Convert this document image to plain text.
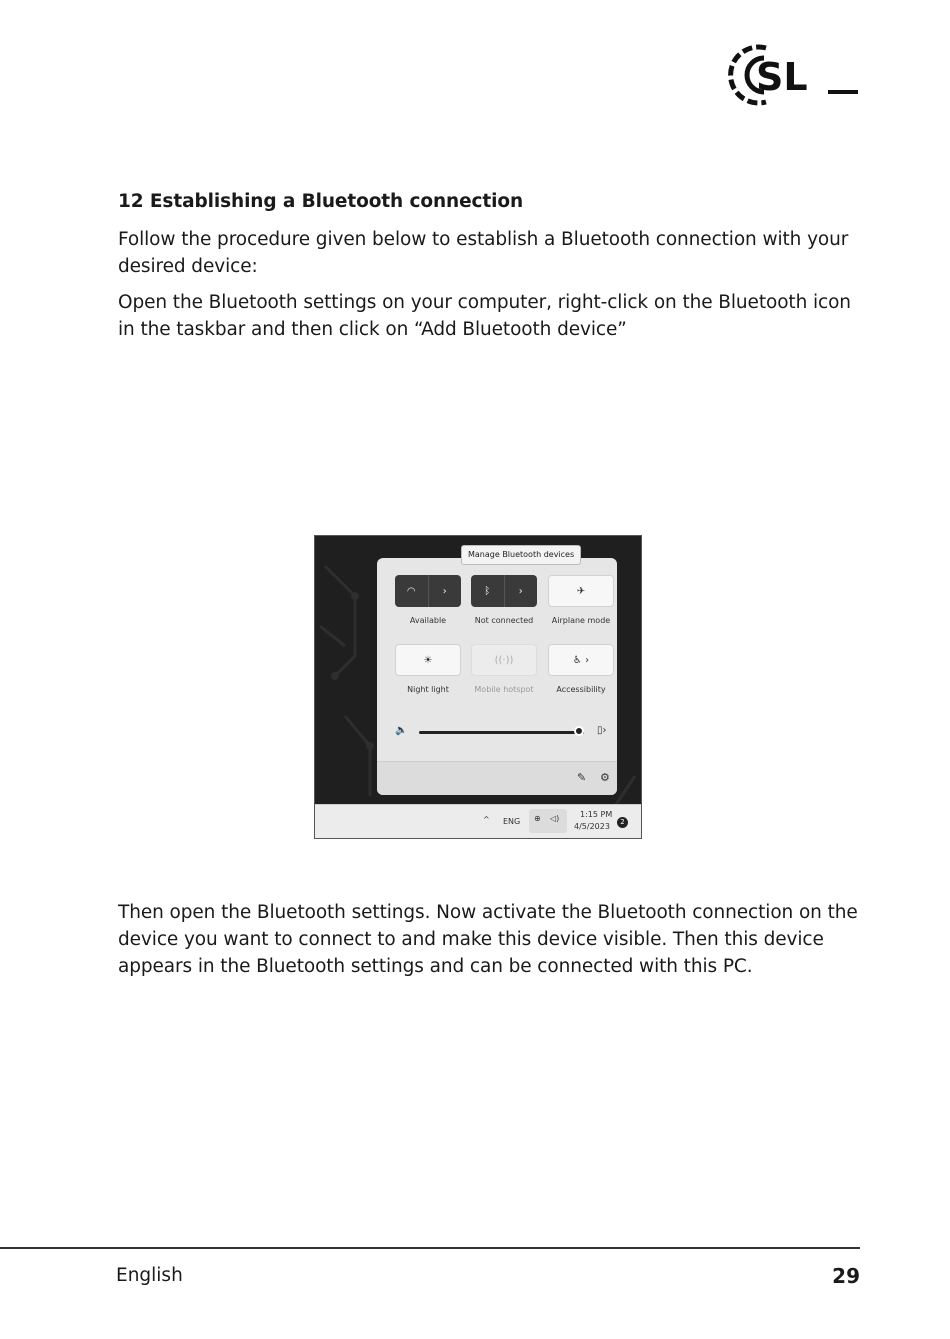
SL
12 Establishing a Bluetooth connection
Follow the procedure given below to establish a Bluetooth connection with your desired device:
Open the Bluetooth settings on your computer, right-click on the Bluetooth icon in the taskbar and then click on “Add Bluetooth device”
Manage Bluetooth devices
◠	›
Available
ᛒ	›
Not connected
✈
Airplane mode
☀
Night light
((·))
Mobile hotspot
♿ ›
Accessibility
🔈	▯›
✎ ⚙
^ ENG ⊕ ◁)	1:15 PM
4/5/2023	2
Then open the Bluetooth settings. Now activate the Bluetooth connection on the device you want to connect to and make this device visible. Then this device appears in the Bluetooth settings and can be connected with this PC.
English	29
